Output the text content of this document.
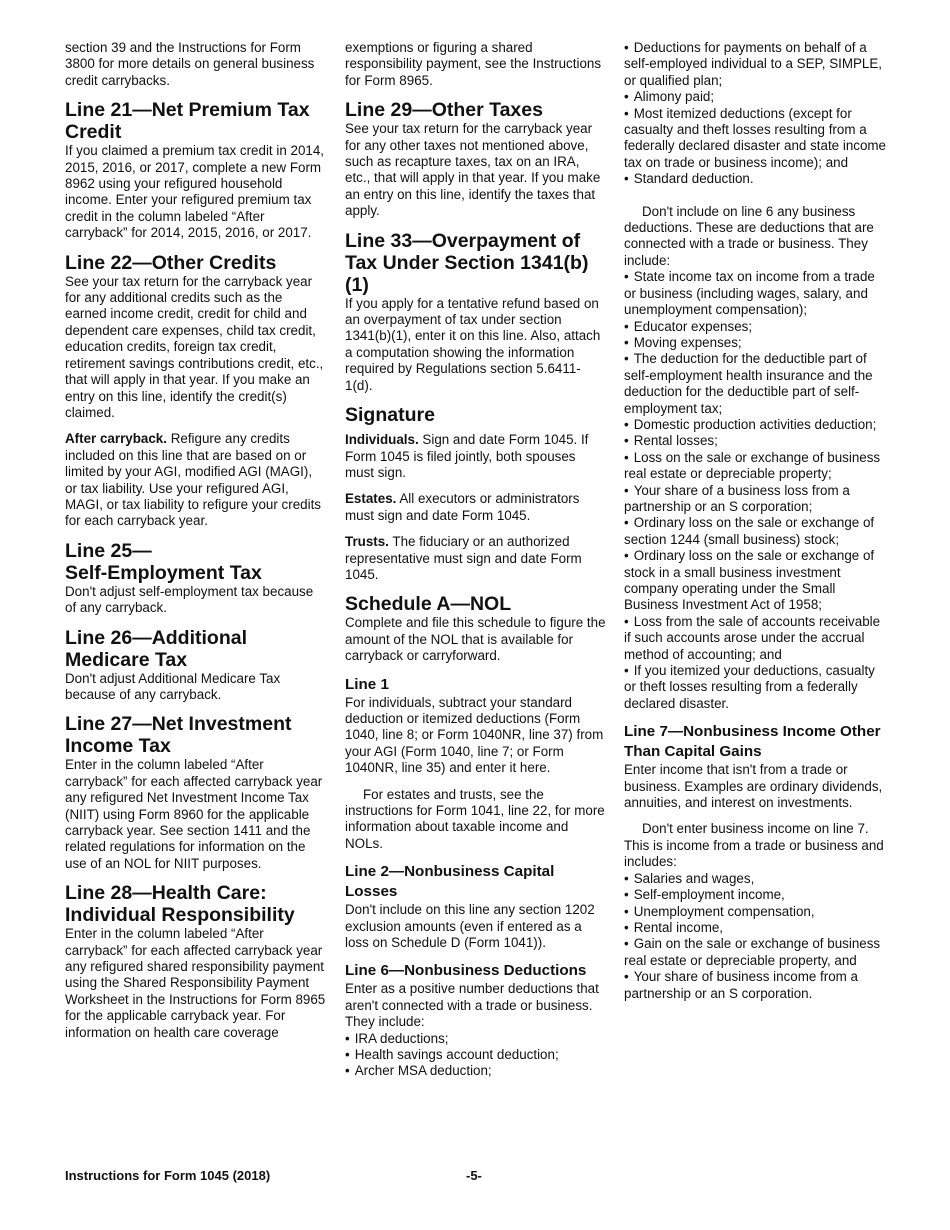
section 39 and the Instructions for Form 3800 for more details on general business credit carrybacks.

Line 21—Net Premium Tax Credit

If you claimed a premium tax credit in 2014, 2015, 2016, or 2017, complete a new Form 8962 using your refigured household income. Enter your refigured premium tax credit in the column labeled “After carryback” for 2014, 2015, 2016, or 2017.

Line 22—Other Credits

See your tax return for the carryback year for any additional credits such as the earned income credit, credit for child and dependent care expenses, child tax credit, education credits, foreign tax credit, retirement savings contributions credit, etc., that will apply in that year. If you make an entry on this line, identify the credit(s) claimed.

After carryback. Refigure any credits included on this line that are based on or limited by your AGI, modified AGI (MAGI), or tax liability. Use your refigured AGI, MAGI, or tax liability to refigure your credits for each carryback year.

Line 25—
Self-Employment Tax

Don't adjust self-employment tax because of any carryback.

Line 26—Additional Medicare Tax

Don't adjust Additional Medicare Tax because of any carryback.

Line 27—Net Investment Income Tax

Enter in the column labeled “After carryback” for each affected carryback year any refigured Net Investment Income Tax (NIIT) using Form 8960 for the applicable carryback year. See section 1411 and the related regulations for information on the use of an NOL for NIIT purposes.

Line 28—Health Care: Individual Responsibility

Enter in the column labeled “After carryback” for each affected carryback year any refigured shared responsibility payment using the Shared Responsibility Payment Worksheet in the Instructions for Form 8965 for the applicable carryback year. For information on health care coverage

exemptions or figuring a shared responsibility payment, see the Instructions for Form 8965.

Line 29—Other Taxes

See your tax return for the carryback year for any other taxes not mentioned above, such as recapture taxes, tax on an IRA, etc., that will apply in that year. If you make an entry on this line, identify the taxes that apply.

Line 33—Overpayment of Tax Under Section 1341(b)(1)

If you apply for a tentative refund based on an overpayment of tax under section 1341(b)(1), enter it on this line. Also, attach a computation showing the information required by Regulations section 5.6411-1(d).

Signature

Individuals. Sign and date Form 1045. If Form 1045 is filed jointly, both spouses must sign.

Estates. All executors or administrators must sign and date Form 1045.

Trusts. The fiduciary or an authorized representative must sign and date Form 1045.

Schedule A—NOL

Complete and file this schedule to figure the amount of the NOL that is available for carryback or carryforward.

Line 1

For individuals, subtract your standard deduction or itemized deductions (Form 1040, line 8; or Form 1040NR, line 37) from your AGI (Form 1040, line 7; or Form 1040NR, line 35) and enter it here.

For estates and trusts, see the instructions for Form 1041, line 22, for more information about taxable income and NOLs.

Line 2—Nonbusiness Capital Losses

Don't include on this line any section 1202 exclusion amounts (even if entered as a loss on Schedule D (Form 1041)).

Line 6—Nonbusiness Deductions

Enter as a positive number deductions that aren't connected with a trade or business. They include:

• IRA deductions;
• Health savings account deduction;
• Archer MSA deduction;
• Deductions for payments on behalf of a self-employed individual to a SEP, SIMPLE, or qualified plan;
• Alimony paid;
• Most itemized deductions (except for casualty and theft losses resulting from a federally declared disaster and state income tax on trade or business income); and
• Standard deduction.

Don't include on line 6 any business deductions. These are deductions that are connected with a trade or business. They include:

• State income tax on income from a trade or business (including wages, salary, and unemployment compensation);
• Educator expenses;
• Moving expenses;
• The deduction for the deductible part of self-employment health insurance and the deduction for the deductible part of self-employment tax;
• Domestic production activities deduction;
• Rental losses;
• Loss on the sale or exchange of business real estate or depreciable property;
• Your share of a business loss from a partnership or an S corporation;
• Ordinary loss on the sale or exchange of section 1244 (small business) stock;
• Ordinary loss on the sale or exchange of stock in a small business investment company operating under the Small Business Investment Act of 1958;
• Loss from the sale of accounts receivable if such accounts arose under the accrual method of accounting; and
• If you itemized your deductions, casualty or theft losses resulting from a federally declared disaster.
Line 7—Nonbusiness Income Other Than Capital Gains

Enter income that isn't from a trade or business. Examples are ordinary dividends, annuities, and interest on investments.

Don't enter business income on line 7. This is income from a trade or business and includes:

• Salaries and wages,
• Self-employment income,
• Unemployment compensation,
• Rental income,
• Gain on the sale or exchange of business real estate or depreciable property, and
• Your share of business income from a partnership or an S corporation.
Instructions for Form 1045 (2018)	-5-
